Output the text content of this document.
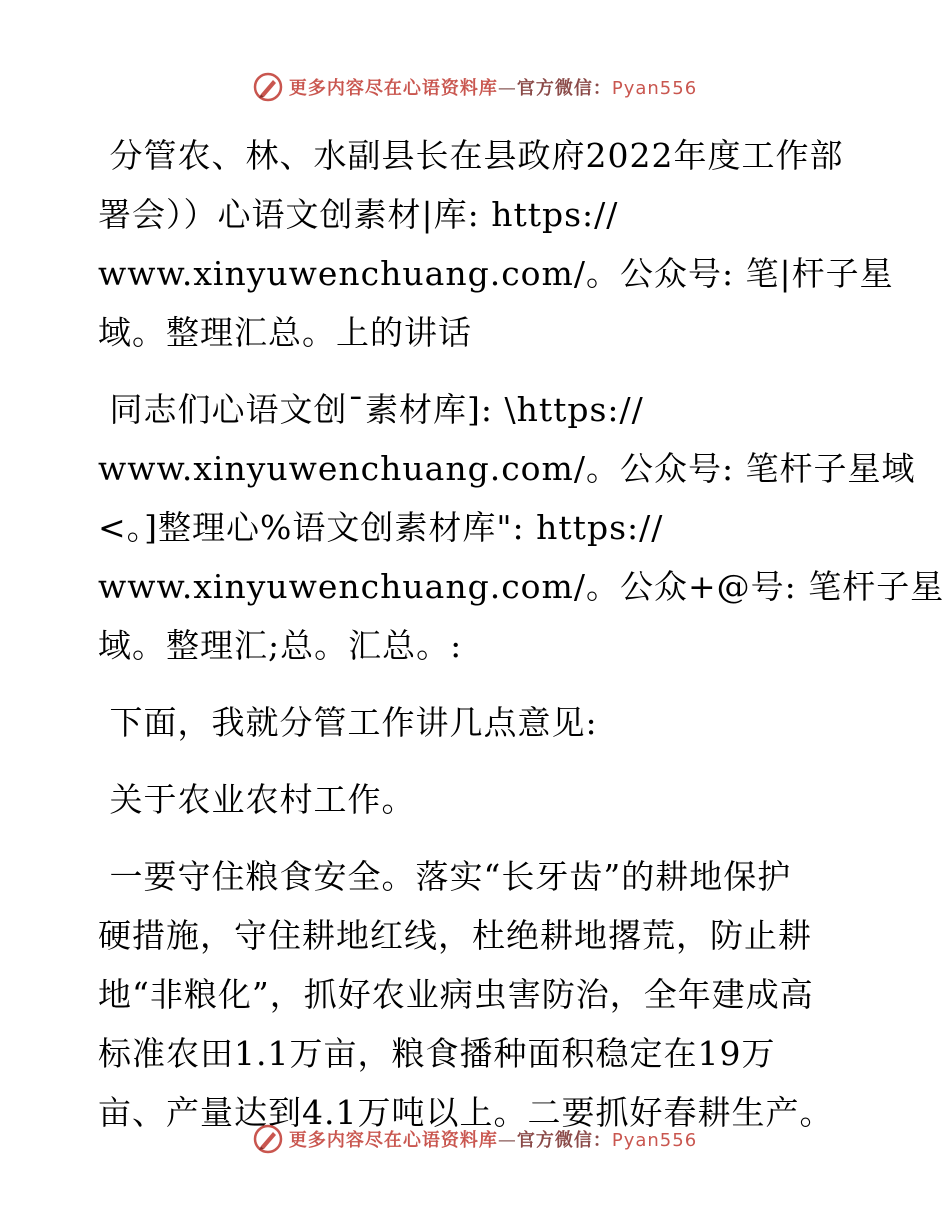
更多内容尽在心语资料库—官方微信：Pyan556
分管农、林、水副县长在县政府2022年度工作部
署会））心语文创素材|库: https://
www.xinyuwenchuang.com/。公众号: 笔|杆子星
域。整理汇总。上的讲话
同志们心语文创¯素材库]: \https://
www.xinyuwenchuang.com/。公众号: 笔杆子星域
<。]整理心%语文创素材库": https://
www.xinyuwenchuang.com/。公众+@号: 笔杆子星
域。整理汇;总。汇总。:
下面，我就分管工作讲几点意见:
关于农业农村工作。
一要守住粮食安全。落实“长牙齿”的耕地保护
硬措施，守住耕地红线，杜绝耕地撂荒，防止耕
地“非粮化”，抓好农业病虫害防治，全年建成高
标准农田1.1万亩，粮食播种面积稳定在19万
亩、产量达到4.1万吨以上。二要抓好春耕生产。
更多内容尽在心语资料库—官方微信：Pyan556
